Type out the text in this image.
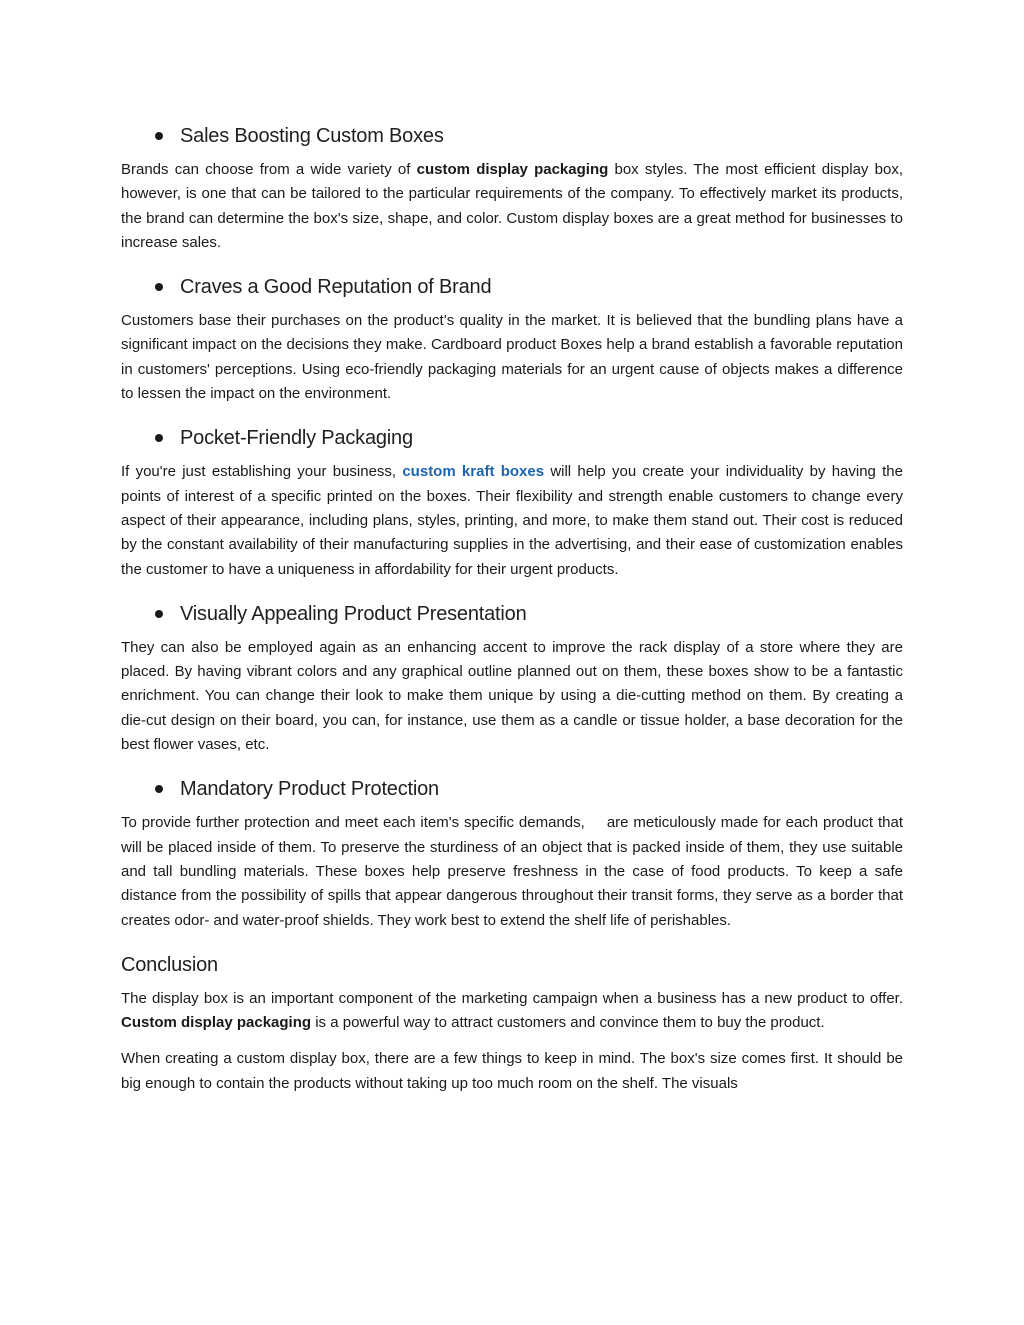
Sales Boosting Custom Boxes

Brands can choose from a wide variety of custom display packaging box styles. The most efficient display box, however, is one that can be tailored to the particular requirements of the company. To effectively market its products, the brand can determine the box's size, shape, and color. Custom display boxes are a great method for businesses to increase sales.

Craves a Good Reputation of Brand

Customers base their purchases on the product’s quality in the market. It is believed that the bundling plans have a significant impact on the decisions they make. Cardboard product Boxes help a brand establish a favorable reputation in customers' perceptions. Using eco-friendly packaging materials for an urgent cause of objects makes a difference to lessen the impact on the environment.

Pocket-Friendly Packaging

If you're just establishing your business, custom kraft boxes will help you create your individuality by having the points of interest of a specific printed on the boxes. Their flexibility and strength enable customers to change every aspect of their appearance, including plans, styles, printing, and more, to make them stand out. Their cost is reduced by the constant availability of their manufacturing supplies in the advertising, and their ease of customization enables the customer to have a uniqueness in affordability for their urgent products.

Visually Appealing Product Presentation

They can also be employed again as an enhancing accent to improve the rack display of a store where they are placed. By having vibrant colors and any graphical outline planned out on them, these boxes show to be a fantastic enrichment. You can change their look to make them unique by using a die-cutting method on them. By creating a die-cut design on their board, you can, for instance, use them as a candle or tissue holder, a base decoration for the best flower vases, etc.

Mandatory Product Protection

To provide further protection and meet each item's specific demands, are meticulously made for each product that will be placed inside of them. To preserve the sturdiness of an object that is packed inside of them, they use suitable and tall bundling materials. These boxes help preserve freshness in the case of food products. To keep a safe distance from the possibility of spills that appear dangerous throughout their transit forms, they serve as a border that creates odor- and water-proof shields. They work best to extend the shelf life of perishables.

Conclusion

The display box is an important component of the marketing campaign when a business has a new product to offer. Custom display packaging is a powerful way to attract customers and convince them to buy the product.

When creating a custom display box, there are a few things to keep in mind. The box's size comes first. It should be big enough to contain the products without taking up too much room on the shelf. The visuals
